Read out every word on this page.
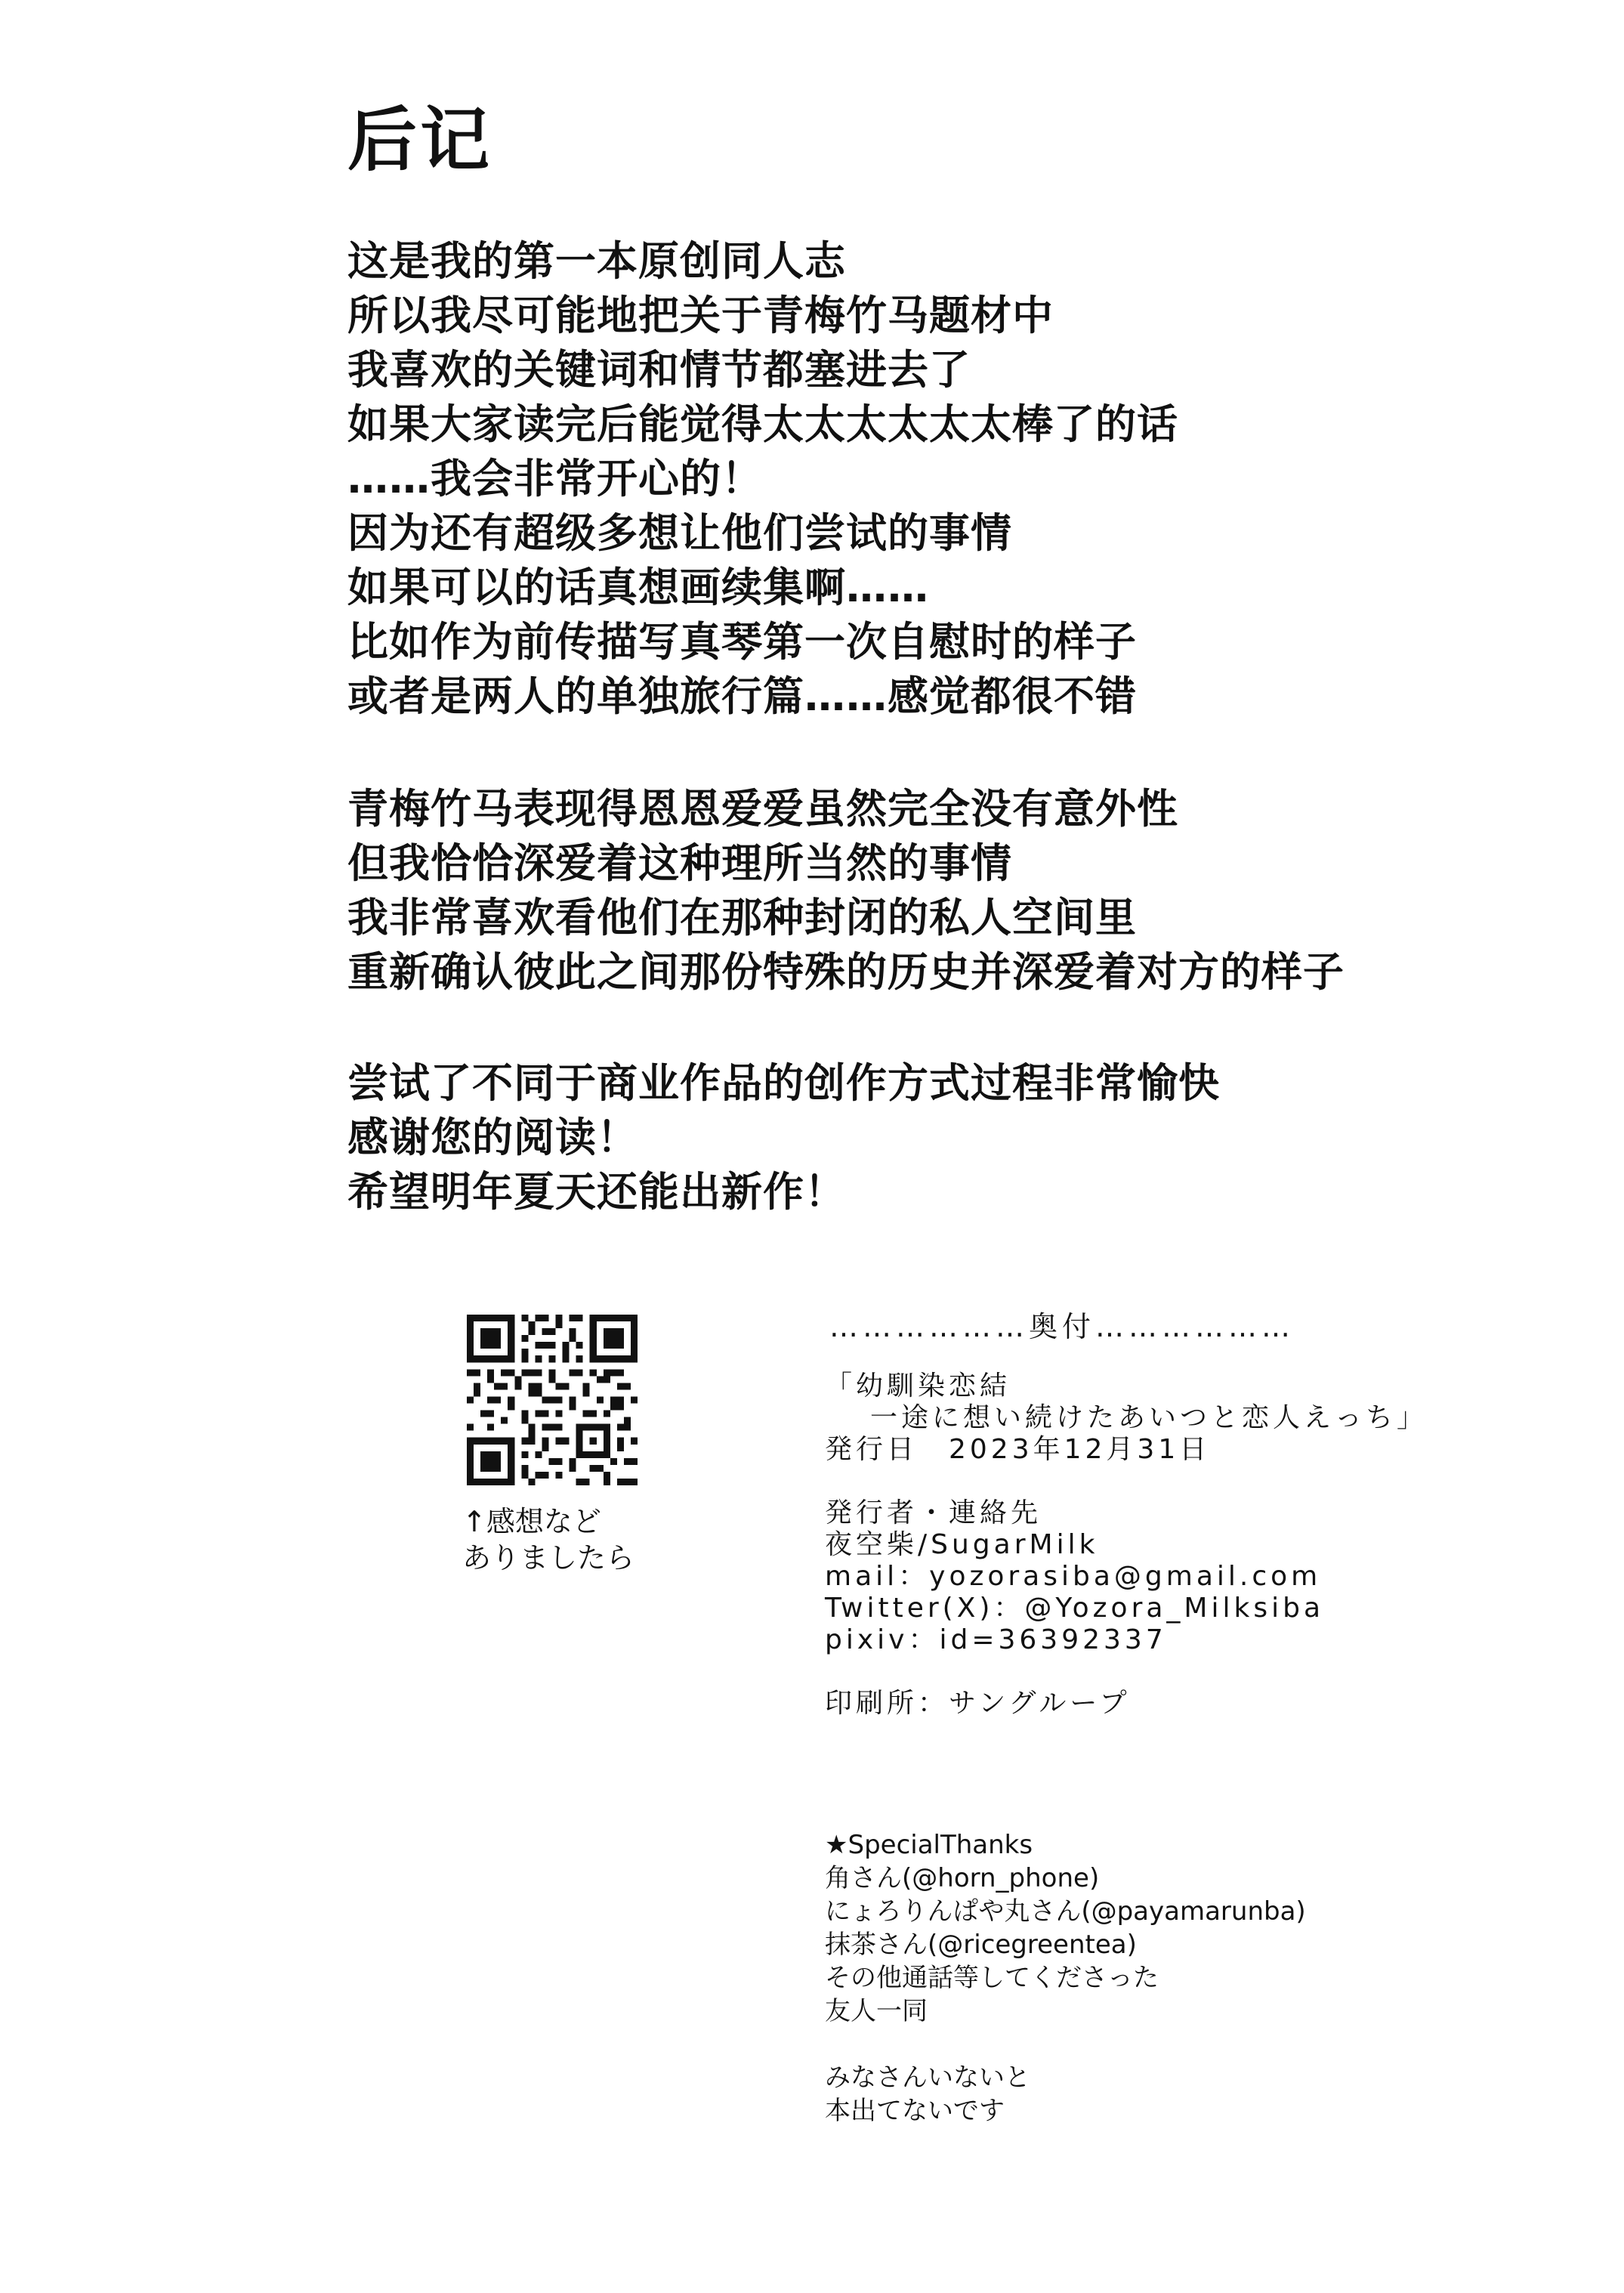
后记
这是我的第一本原创同人志
所以我尽可能地把关于青梅竹马题材中
我喜欢的关键词和情节都塞进去了
如果大家读完后能觉得太太太太太太棒了的话
……我会非常开心的！
因为还有超级多想让他们尝试的事情
如果可以的话真想画续集啊……
比如作为前传描写真琴第一次自慰时的样子
或者是两人的单独旅行篇……感觉都很不错
青梅竹马表现得恩恩爱爱虽然完全没有意外性
但我恰恰深爱着这种理所当然的事情
我非常喜欢看他们在那种封闭的私人空间里
重新确认彼此之间那份特殊的历史并深爱着对方的样子
尝试了不同于商业作品的创作方式过程非常愉快
感谢您的阅读！
希望明年夏天还能出新作！
↑感想など
ありましたら
………………奥付………………
「幼馴染恋結
一途に想い続けたあいつと恋人えっち」
発行日　2023年12月31日
発行者・連絡先
夜空柴/SugarMilk
mail：yozorasiba@gmail.com
Twitter(X)：@Yozora_Milksiba
pixiv：id=36392337
印刷所：サングループ
★SpecialThanks
角さん(@horn_phone)
にょろりんぱや丸さん(@payamarunba)
抹茶さん(@ricegreentea)
その他通話等してくださった
友人一同
みなさんいないと
本出てないです
